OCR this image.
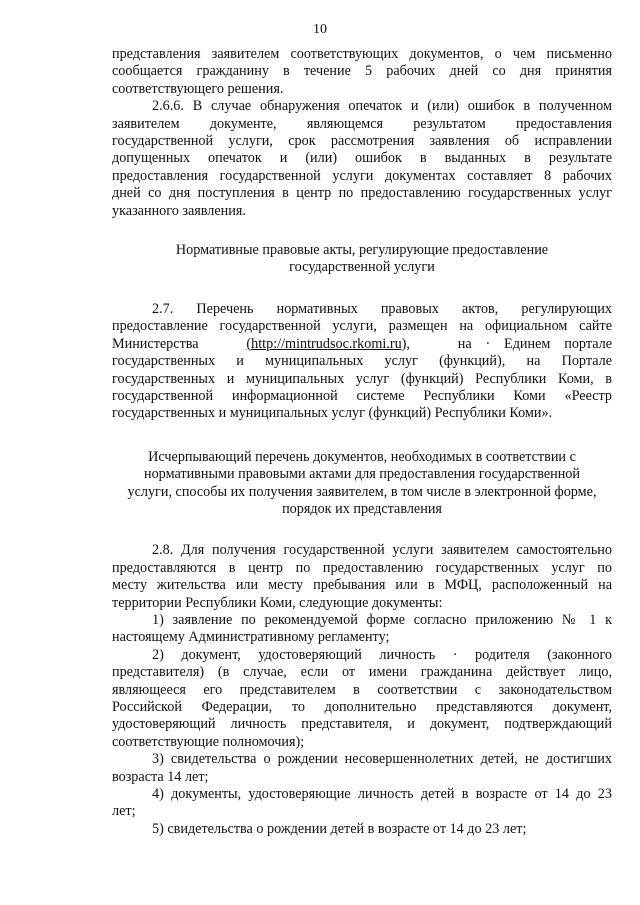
10

представления заявителем соответствующих документов, о чем письменно
сообщается гражданину в течение 5 рабочих дней со дня принятия
соответствующего решения.

2.6.6. В случае обнаружения опечаток и (или) ошибок в полученном
заявителем документе, являющемся результатом предоставления
государственной услуги, срок рассмотрения заявления об исправлении
допущенных опечаток и (или) ошибок в выданных в результате
предоставления государственной услуги документах составляет 8 рабочих
дней со дня поступления в центр по предоставлению государственных услуг
указанного заявления.

Нормативные правовые акты, регулирующие предоставление
государственной услуги

2.7. Перечень нормативных правовых актов, регулирующих
предоставление государственной услуги, размещен на официальном сайте
Министерства	(http://mintrudsoc.rkomi.ru),	на · Единем портале
государственных и муниципальных услуг (функций), на Портале
государственных и муниципальных услуг (функций) Республики Коми, в
государственной информационной системе Республики Коми «Реестр
государственных и муниципальных услуг (функций) Республики Коми».

Исчерпывающий перечень документов, необходимых в соответствии с
нормативными правовыми актами для предоставления государственной
услуги, способы их получения заявителем, в том числе в электронной форме,
порядок их представления

2.8. Для получения государственной услуги заявителем самостоятельно
предоставляются в центр по предоставлению государственных услуг по
месту жительства или месту пребывания или в МФЦ, расположенный на
территории Республики Коми, следующие документы:

1) заявление по рекомендуемой форме согласно приложению № 1 к
настоящему Административному регламенту;

2) документ, удостоверяющий личность · родителя (законного
представителя) (в случае, если от имени гражданина действует лицо,
являющееся его представителем в соответствии с законодательством
Российской Федерации, то дополнительно представляются документ,
удостоверяющий личность представителя, и документ, подтверждающий
соответствующие полномочия);

3) свидетельства о рождении несовершеннолетних детей, не достигших
возраста 14 лет;

4) документы, удостоверяющие личность детей в возрасте от 14 до 23
лет;

5) свидетельства о рождении детей в возрасте от 14 до 23 лет;
